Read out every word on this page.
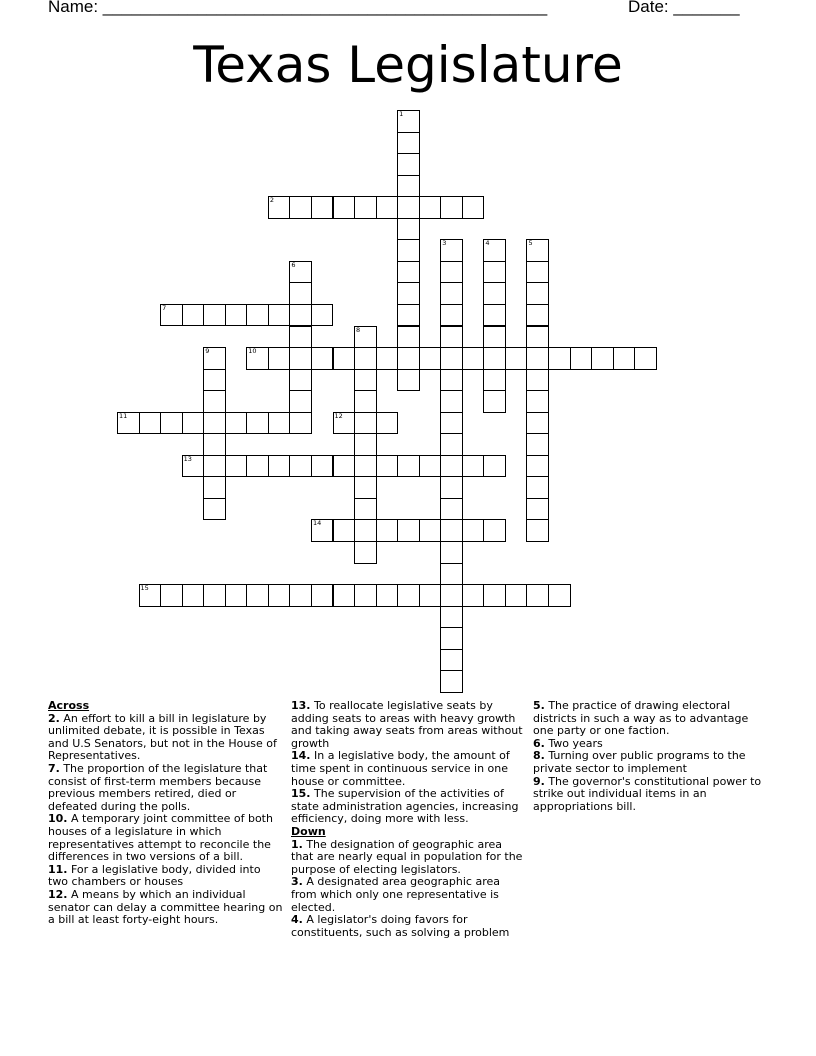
Name: _______________________________________________	Date: _______
Texas Legislature
1
2
3	4	5
6
7
8
9	10
11	12
13
14
15
Across

2. An effort to kill a bill in legislature by unlimited debate, it is possible in Texas and U.S Senators, but not in the House of Representatives.

7. The proportion of the legislature that consist of first-term members because previous members retired, died or defeated during the polls.

10. A temporary joint committee of both houses of a legislature in which representatives attempt to reconcile the differences in two versions of a bill.

11. For a legislative body, divided into two chambers or houses

12. A means by which an individual senator can delay a committee hearing on a bill at least forty-eight hours.

13. To reallocate legislative seats by adding seats to areas with heavy growth and taking away seats from areas without growth

14. In a legislative body, the amount of time spent in continuous service in one house or committee.

15. The supervision of the activities of state administration agencies, increasing efficiency, doing more with less.

Down

1. The designation of geographic area that are nearly equal in population for the purpose of electing legislators.

3. A designated area geographic area from which only one representative is elected.

4. A legislator's doing favors for constituents, such as solving a problem

5. The practice of drawing electoral districts in such a way as to advantage one party or one faction.

6. Two years

8. Turning over public programs to the private sector to implement

9. The governor's constitutional power to strike out individual items in an appropriations bill.
